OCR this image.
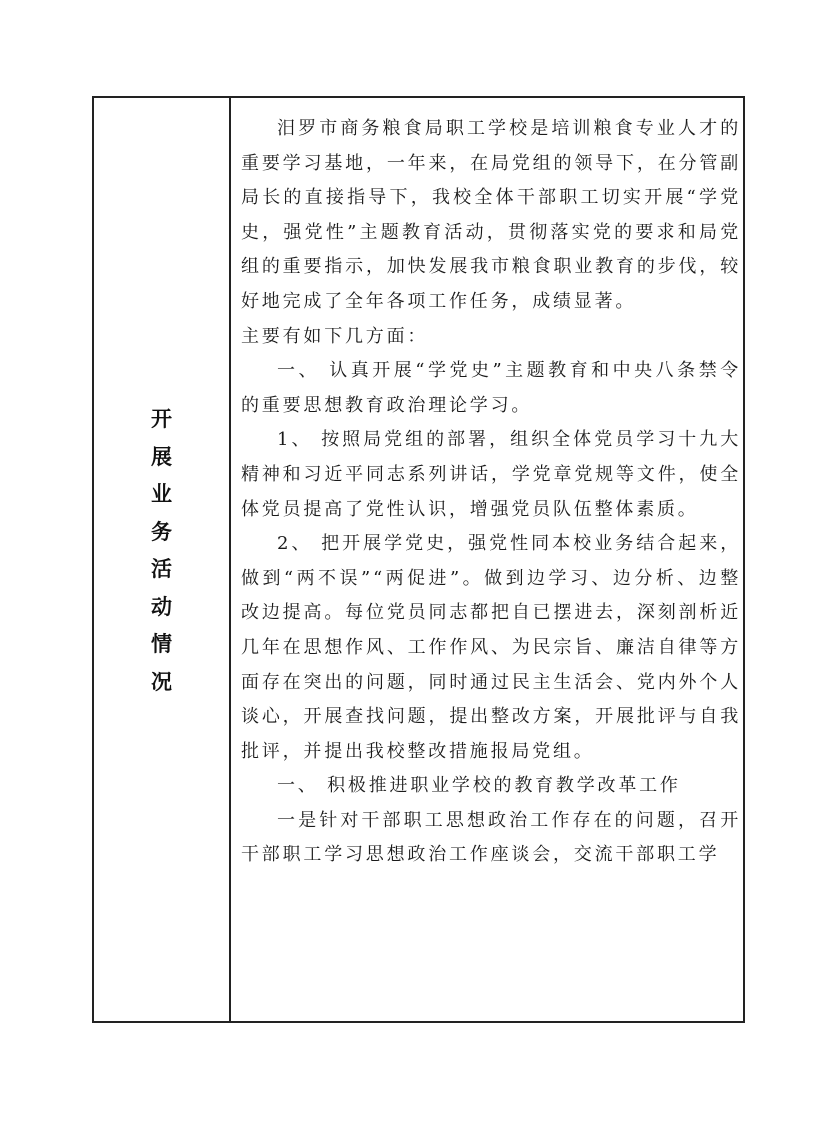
开
展
业
务
活
动
情
况

汨罗市商务粮食局职工学校是培训粮食专业人才的重要学习基地，一年来，在局党组的领导下，在分管副局长的直接指导下，我校全体干部职工切实开展“学党史，强党性”主题教育活动，贯彻落实党的要求和局党组的重要指示，加快发展我市粮食职业教育的步伐，较好地完成了全年各项工作任务，成绩显著。

主要有如下几方面：

一、 认真开展“学党史”主题教育和中央八条禁令的重要思想教育政治理论学习。

1、 按照局党组的部署，组织全体党员学习十九大精神和习近平同志系列讲话，学党章党规等文件，使全体党员提高了党性认识，增强党员队伍整体素质。

2、 把开展学党史，强党性同本校业务结合起来，做到“两不误”“两促进”。做到边学习、边分析、边整改边提高。每位党员同志都把自已摆进去，深刻剖析近几年在思想作风、工作作风、为民宗旨、廉洁自律等方面存在突出的问题，同时通过民主生活会、党内外个人谈心，开展查找问题，提出整改方案，开展批评与自我批评，并提出我校整改措施报局党组。

一、 积极推进职业学校的教育教学改革工作

一是针对干部职工思想政治工作存在的问题，召开干部职工学习思想政治工作座谈会，交流干部职工学
